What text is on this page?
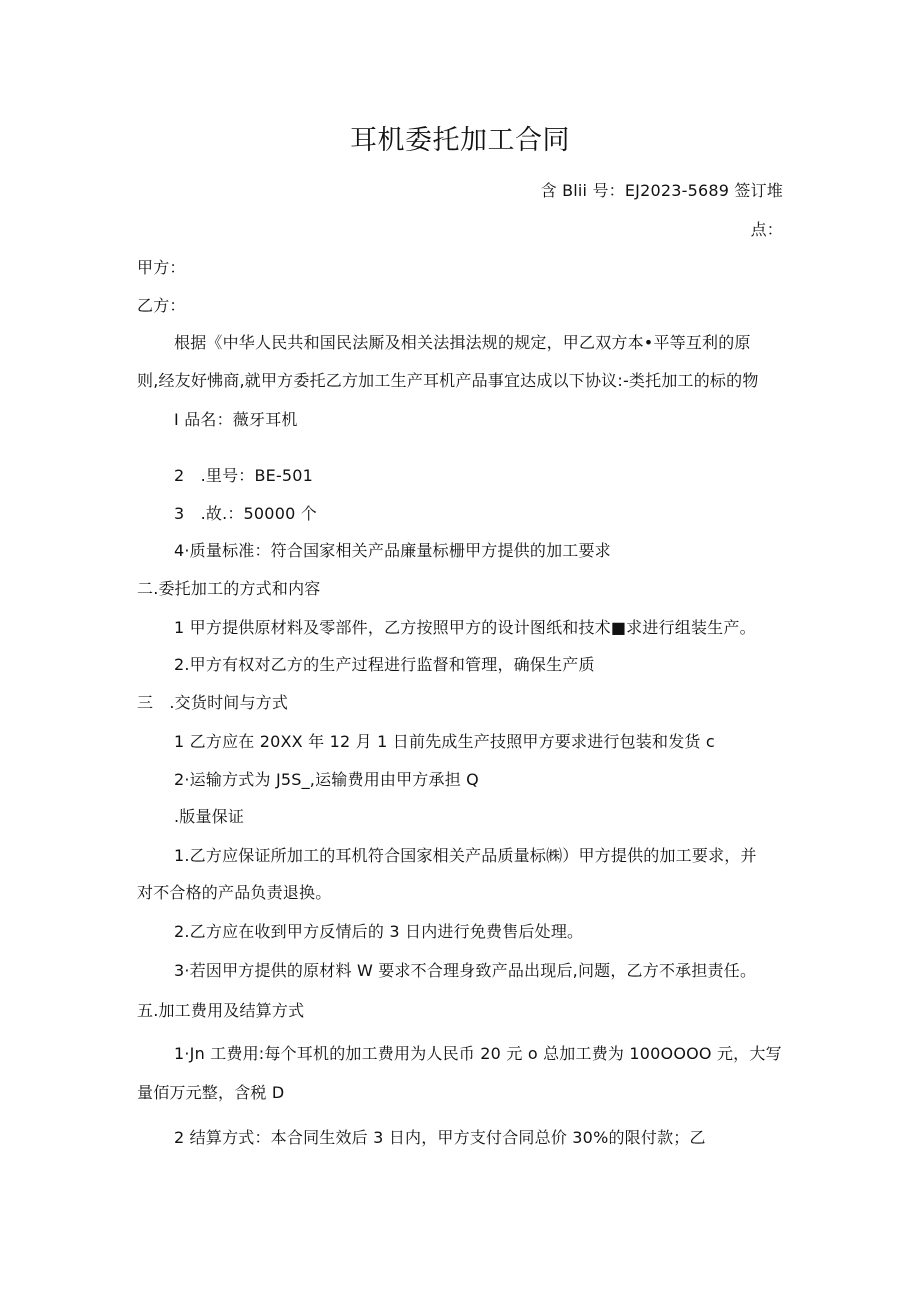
耳机委托加工合同
含 Blii 号：EJ2023-5689 签订堆
点：
甲方：
乙方：
根据《中华人民共和国民法厮及相关法揖法规的规定，甲乙双方本•平等互利的原
则,经友好怫商,就甲方委托乙方加工生产耳机产品事宜达成以下协议:-类托加工的标的物
I 品名：薇牙耳机
2　.里号：BE-501
3　.故.：50000 个
4·质量标准：符合国家相关产品廉量标栅甲方提供的加工要求
二.委托加工的方式和内容
1 甲方提供原材料及零部件，乙方按照甲方的设计图纸和技术■求进行组装生产。
2.甲方有权对乙方的生产过程进行监督和管理，确保生产质
三　.交货时间与方式
1 乙方应在 20XX 年 12 月 1 日前先成生产技照甲方要求进行包装和发货 c
2·运输方式为 J5S_,运输费用由甲方承担 Q
.版量保证
1.乙方应保证所加工的耳机符合国家相关产品质量标㈱）甲方提供的加工要求，并
对不合格的产品负责退换。
2.乙方应在收到甲方反情后的 3 日内进行免费售后处理。
3·若因甲方提供的原材料 W 要求不合理身致产品出现后,问题，乙方不承担责任。
五.加工费用及结算方式
1·Jn 工费用:每个耳机的加工费用为人民币 20 元 o 总加工费为 100OOOO 元，大写
量佰万元整，含税 D
2 结算方式：本合同生效后 3 日内，甲方支付合同总价 30%的限付款；乙
